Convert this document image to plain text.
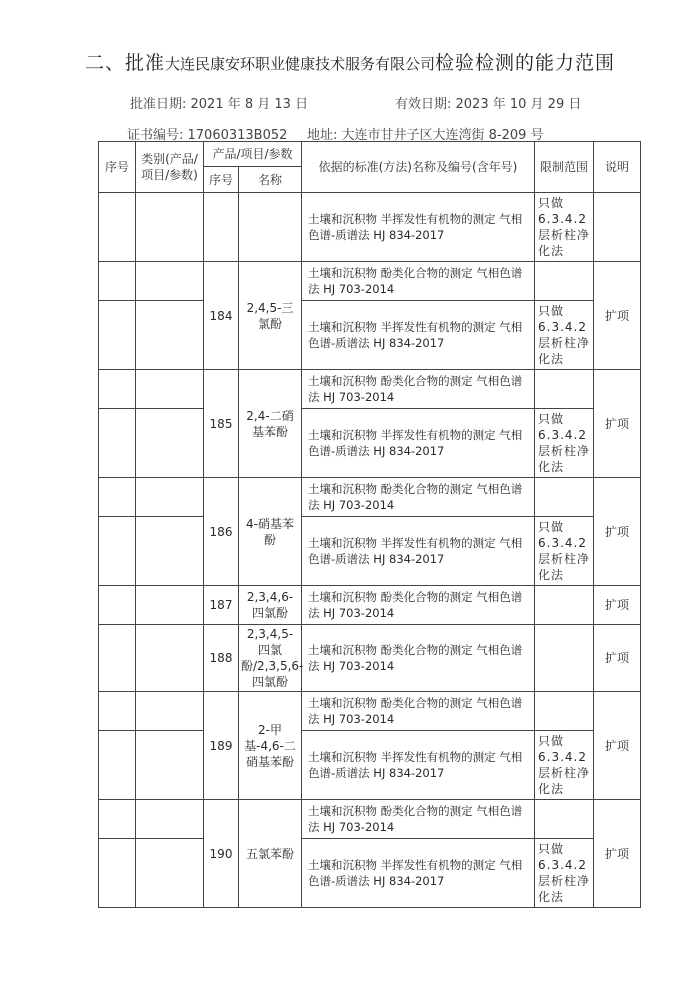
二、批准大连民康安环职业健康技术服务有限公司检验检测的能力范围
批准日期: 2021 年 8 月 13 日	有效日期: 2023 年 10 月 29 日
证书编号: 17060313B052 地址: 大连市甘井子区大连湾街 8-209 号
序号	类别(产品/项目/参数)	产品/项目/参数		依据的标准(方法)名称及编号(含年号)	限制范围	说明
		序号	名称			
				土壤和沉积物 半挥发性有机物的测定 气相色谱-质谱法 HJ 834-2017	只做 6.3.4.2 层析柱净化法	
		184	2,4,5-三氯酚	土壤和沉积物 酚类化合物的测定 气相色谱法 HJ 703-2014		扩项
				土壤和沉积物 半挥发性有机物的测定 气相色谱-质谱法 HJ 834-2017	只做 6.3.4.2 层析柱净化法	
		185	2,4-二硝基苯酚	土壤和沉积物 酚类化合物的测定 气相色谱法 HJ 703-2014		扩项
				土壤和沉积物 半挥发性有机物的测定 气相色谱-质谱法 HJ 834-2017	只做 6.3.4.2 层析柱净化法	
		186	4-硝基苯酚	土壤和沉积物 酚类化合物的测定 气相色谱法 HJ 703-2014		扩项
				土壤和沉积物 半挥发性有机物的测定 气相色谱-质谱法 HJ 834-2017	只做 6.3.4.2 层析柱净化法	
		187	2,3,4,6-四氯酚	土壤和沉积物 酚类化合物的测定 气相色谱法 HJ 703-2014		扩项
		188	2,3,4,5-四氯酚/2,3,5,6-四氯酚	土壤和沉积物 酚类化合物的测定 气相色谱法 HJ 703-2014		扩项
		189	2-甲基-4,6-二硝基苯酚	土壤和沉积物 酚类化合物的测定 气相色谱法 HJ 703-2014		扩项
				土壤和沉积物 半挥发性有机物的测定 气相色谱-质谱法 HJ 834-2017	只做 6.3.4.2 层析柱净化法	
		190	五氯苯酚	土壤和沉积物 酚类化合物的测定 气相色谱法 HJ 703-2014		扩项
				土壤和沉积物 半挥发性有机物的测定 气相色谱-质谱法 HJ 834-2017	只做 6.3.4.2 层析柱净化法	
